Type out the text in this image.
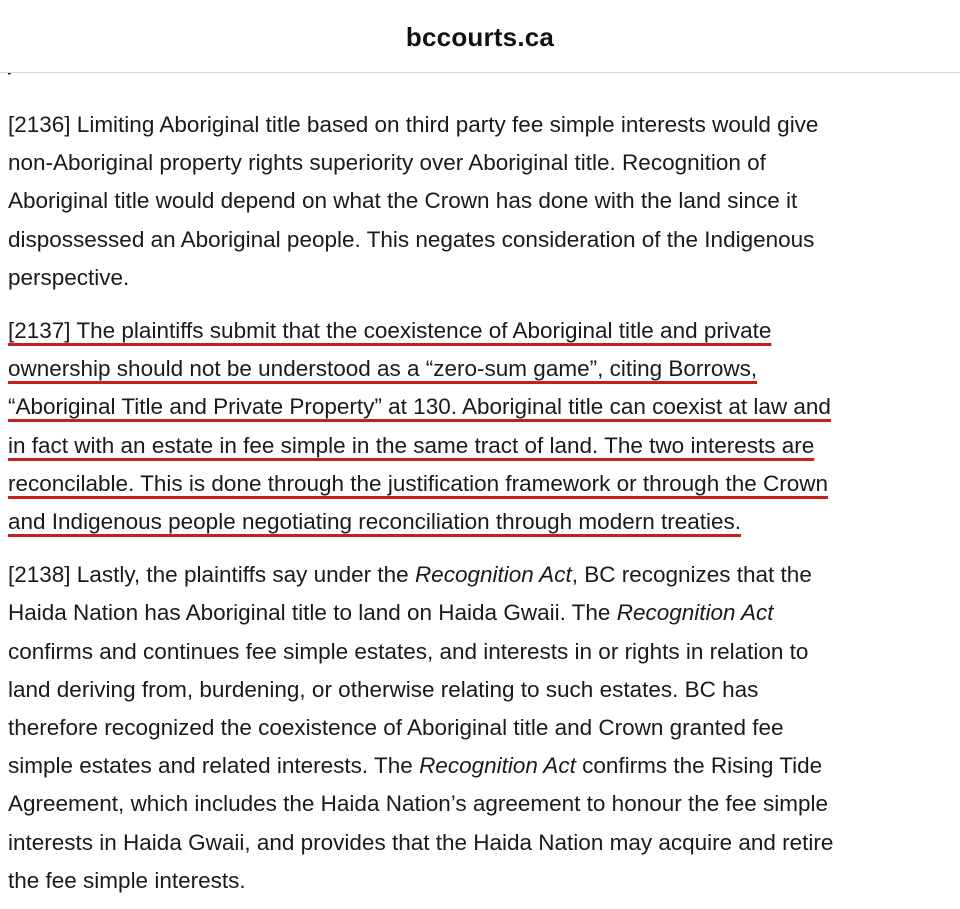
bccourts.ca

[2136] Limiting Aboriginal title based on third party fee simple interests would give
non-Aboriginal property rights superiority over Aboriginal title. Recognition of
Aboriginal title would depend on what the Crown has done with the land since it
dispossessed an Aboriginal people. This negates consideration of the Indigenous
perspective.

[2137] The plaintiffs submit that the coexistence of Aboriginal title and private
ownership should not be understood as a “zero-sum game”, citing Borrows,
“Aboriginal Title and Private Property” at 130. Aboriginal title can coexist at law and
in fact with an estate in fee simple in the same tract of land. The two interests are
reconcilable. This is done through the justification framework or through the Crown
and Indigenous people negotiating reconciliation through modern treaties.

[2138] Lastly, the plaintiffs say under the Recognition Act, BC recognizes that the
Haida Nation has Aboriginal title to land on Haida Gwaii. The Recognition Act
confirms and continues fee simple estates, and interests in or rights in relation to
land deriving from, burdening, or otherwise relating to such estates. BC has
therefore recognized the coexistence of Aboriginal title and Crown granted fee
simple estates and related interests. The Recognition Act confirms the Rising Tide
Agreement, which includes the Haida Nation’s agreement to honour the fee simple
interests in Haida Gwaii, and provides that the Haida Nation may acquire and retire
the fee simple interests.
